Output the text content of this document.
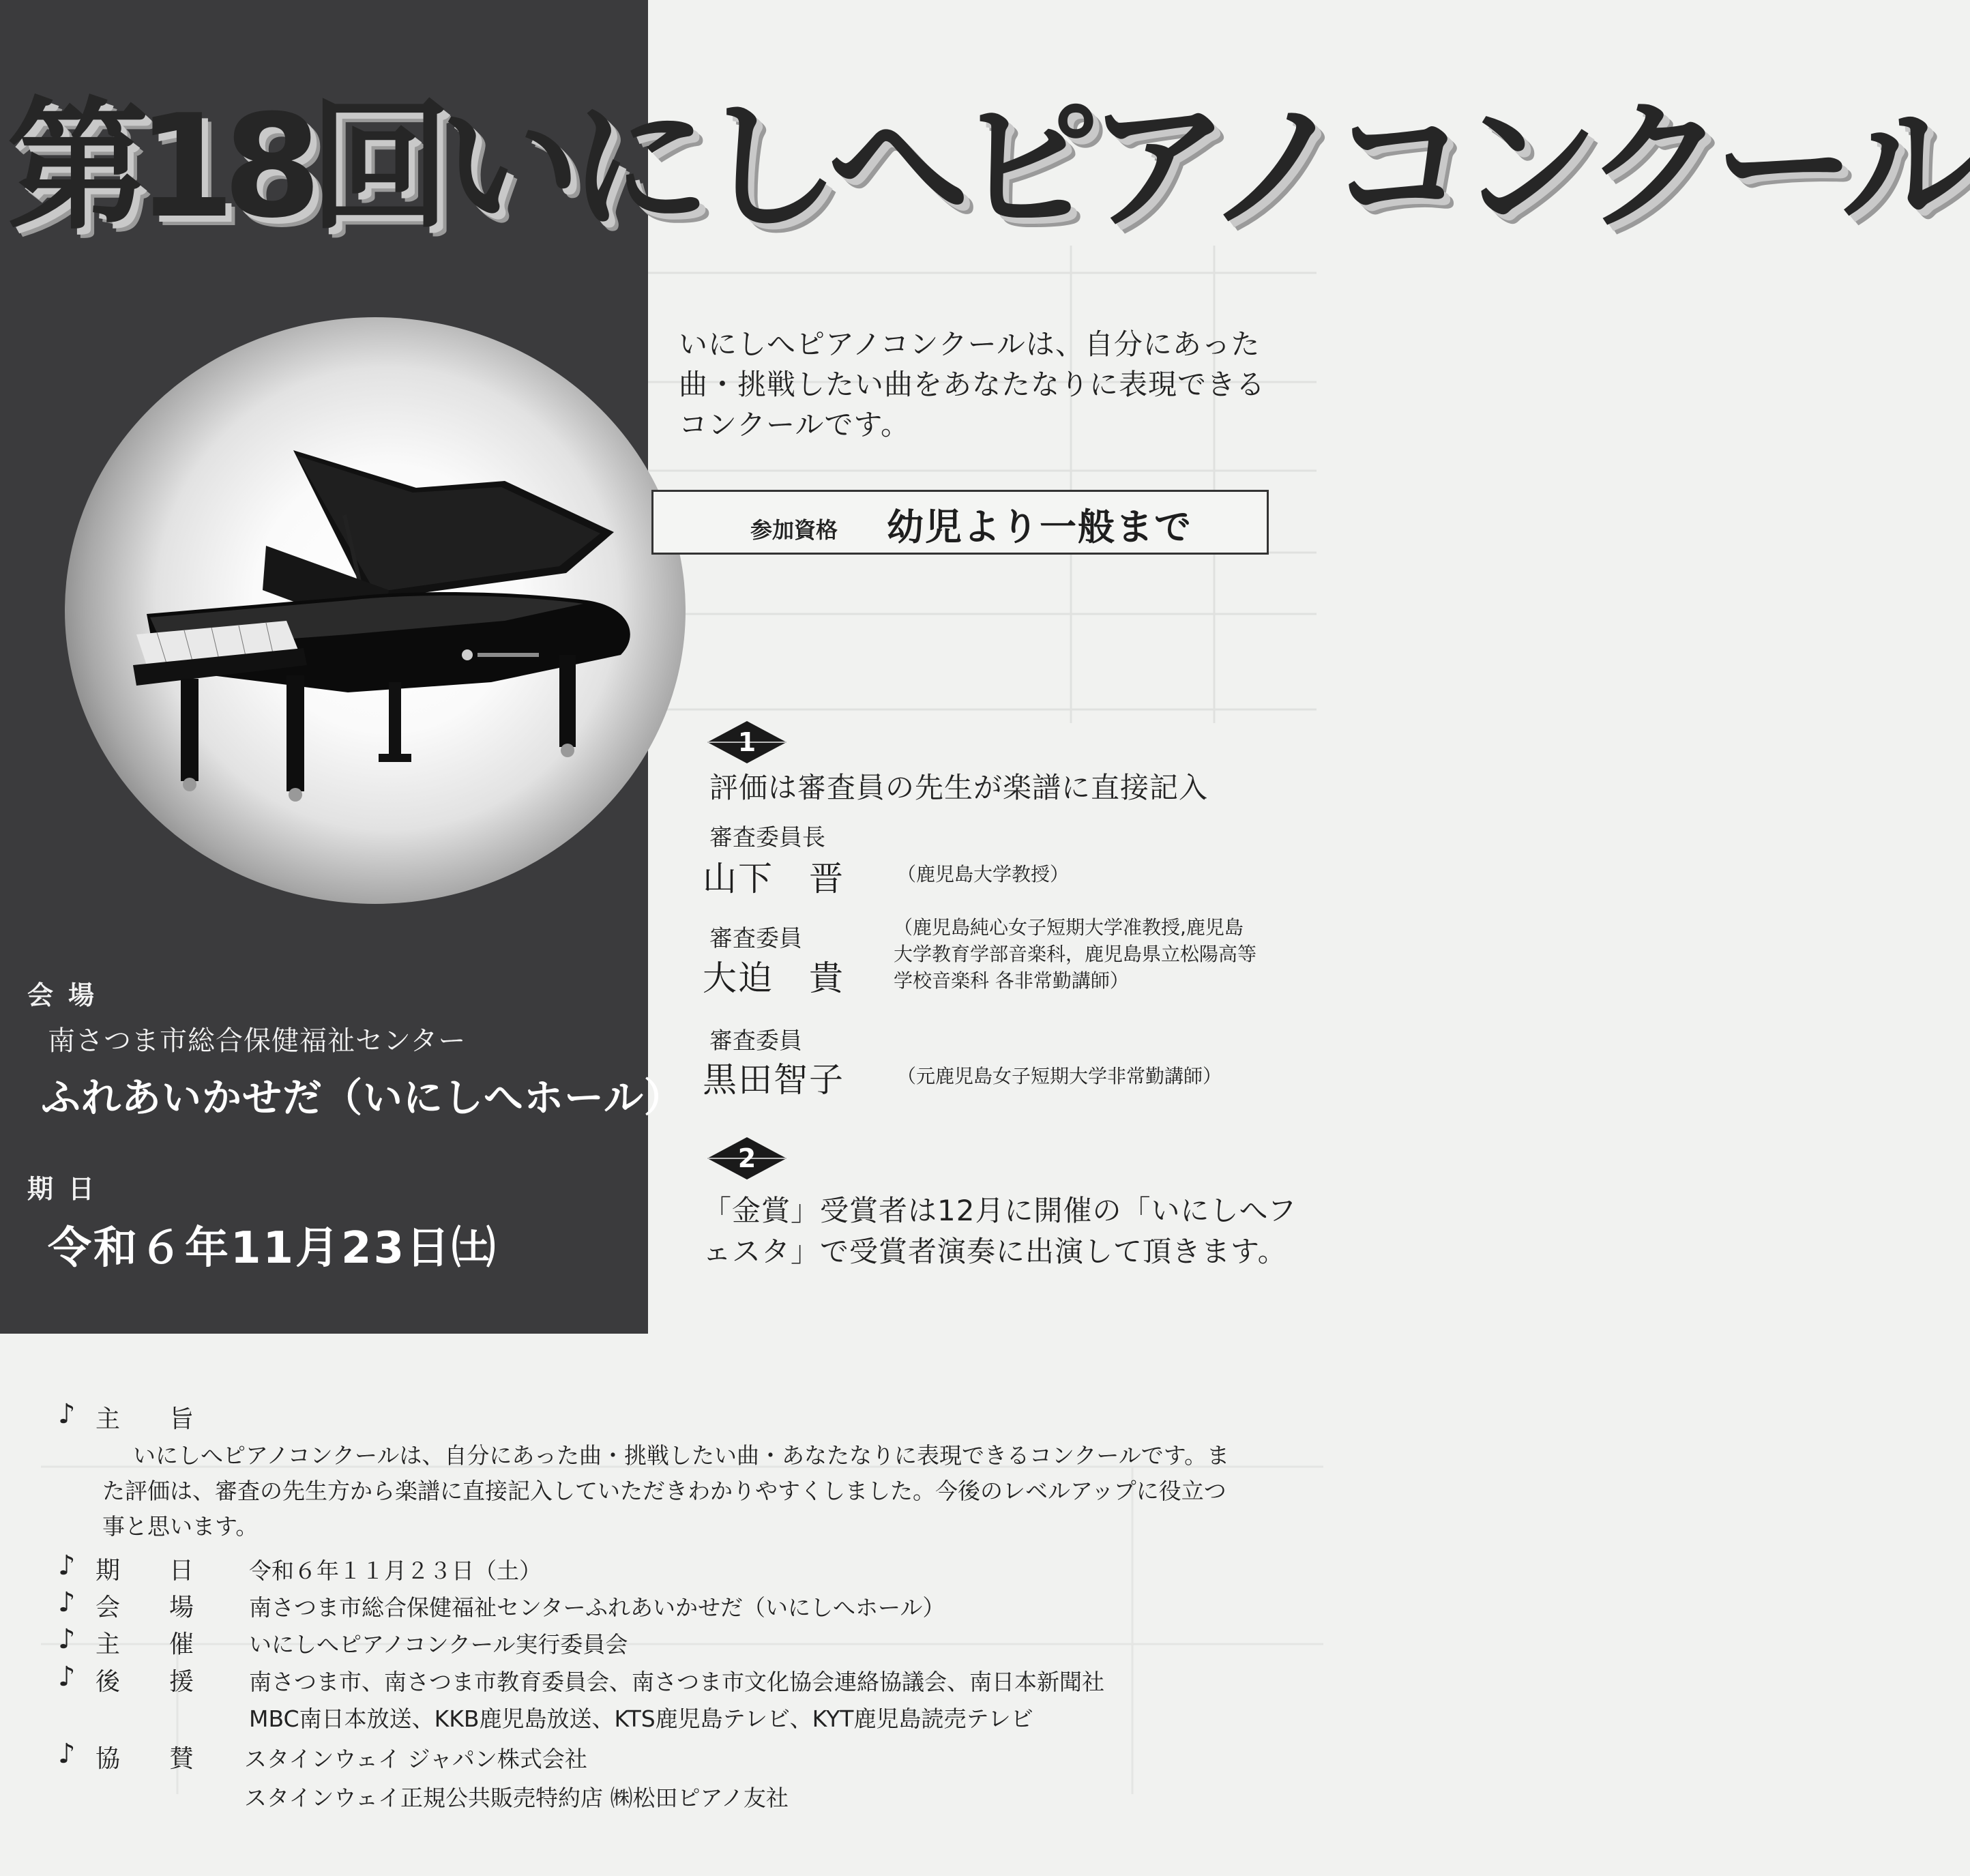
第18回いにしへピアノコンクール
いにしへピアノコンクールは、自分にあった曲・挑戦したい曲をあなたなりに表現できるコンクールです。
参加資格 幼児より一般まで
1
評価は審査員の先生が楽譜に直接記入
審査委員長
山下　晋	（鹿児島大学教授）
審査委員
大迫　貴
（鹿児島純心女子短期大学准教授,鹿児島大学教育学部音楽科，鹿児島県立松陽高等学校音楽科 各非常勤講師）
審査委員
黒田智子	（元鹿児島女子短期大学非常勤講師）
2
「金賞」受賞者は12月に開催の「いにしへフェスタ」で受賞者演奏に出演して頂きます。
会場
南さつま市総合保健福祉センター
ふれあいかせだ（いにしへホール）
期日
令和６年11月23日㈯
♪ 主　　旨
いにしへピアノコンクールは、自分にあった曲・挑戦したい曲・あなたなりに表現できるコンクールです。また評価は、審査の先生方から楽譜に直接記入していただきわかりやすくしました。今後のレベルアップに役立つ事と思います。
♪ 期　　日 令和６年１１月２３日（土）
♪ 会　　場 南さつま市総合保健福祉センターふれあいかせだ（いにしへホール）
♪ 主　　催 いにしへピアノコンクール実行委員会
♪ 後　　援 南さつま市、南さつま市教育委員会、南さつま市文化協会連絡協議会、南日本新聞社
MBC南日本放送、KKB鹿児島放送、KTS鹿児島テレビ、KYT鹿児島読売テレビ
♪ 協　　賛 スタインウェイ ジャパン株式会社
スタインウェイ正規公共販売特約店 ㈱松田ピアノ友社
